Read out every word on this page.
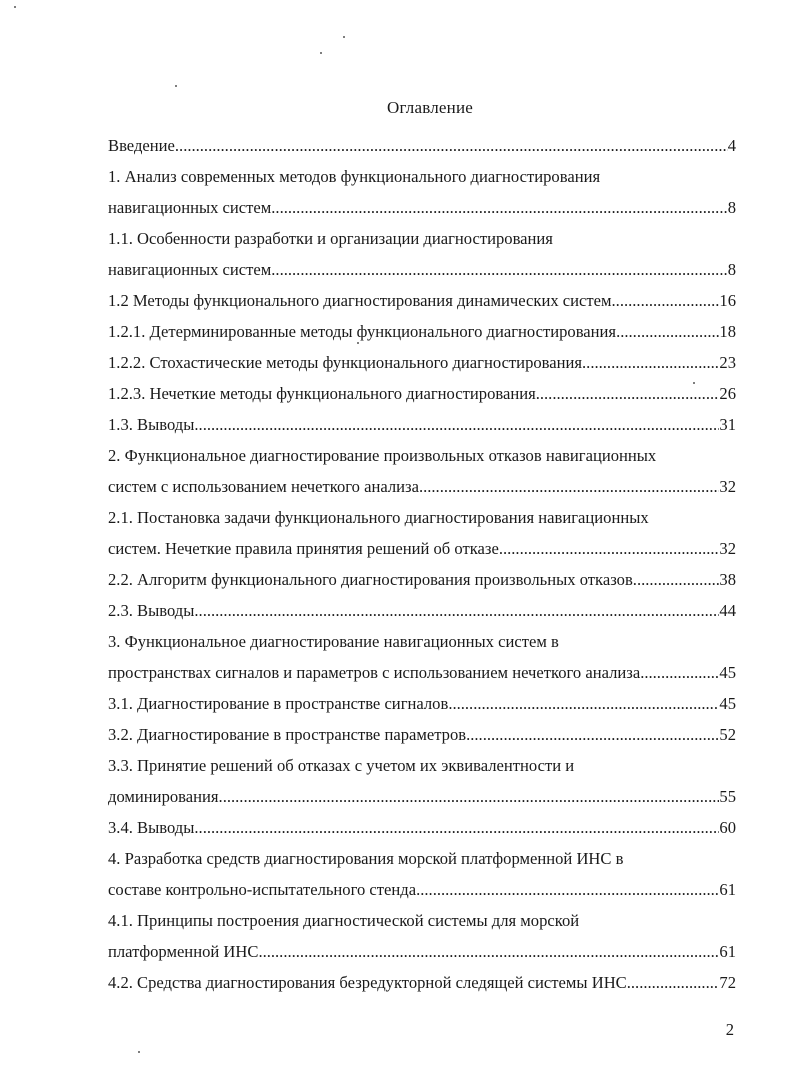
Оглавление
Введение .....	4
1. Анализ современных методов функционального диагностирования
навигационных систем .....	8
1.1. Особенности разработки и организации диагностирования
навигационных систем .....	8
1.2 Методы функционального диагностирования динамических систем .....	16
1.2.1. Детерминированные методы функционального диагностирования .....	18
1.2.2. Стохастические методы функционального диагностирования .....	23
1.2.3. Нечеткие методы функционального диагностирования .....	26
1.3. Выводы .....	31
2. Функциональное диагностирование произвольных отказов навигационных
систем с использованием нечеткого анализа .....	32
2.1. Постановка задачи функционального диагностирования навигационных
систем. Нечеткие правила принятия решений об отказе .....	32
2.2. Алгоритм функционального диагностирования произвольных отказов .....	38
2.3. Выводы .....	44
3. Функциональное диагностирование навигационных систем в
пространствах сигналов и параметров с использованием нечеткого анализа .....	45
3.1. Диагностирование в пространстве сигналов .....	45
3.2. Диагностирование в пространстве параметров .....	52
3.3. Принятие решений об отказах с учетом их эквивалентности и
доминирования .....	55
3.4. Выводы .....	60
4. Разработка средств диагностирования морской платформенной ИНС в
составе контрольно-испытательного стенда .....	61
4.1. Принципы построения диагностической системы для морской
платформенной ИНС .....	61
4.2. Средства диагностирования безредукторной следящей системы ИНС .....	72
2
